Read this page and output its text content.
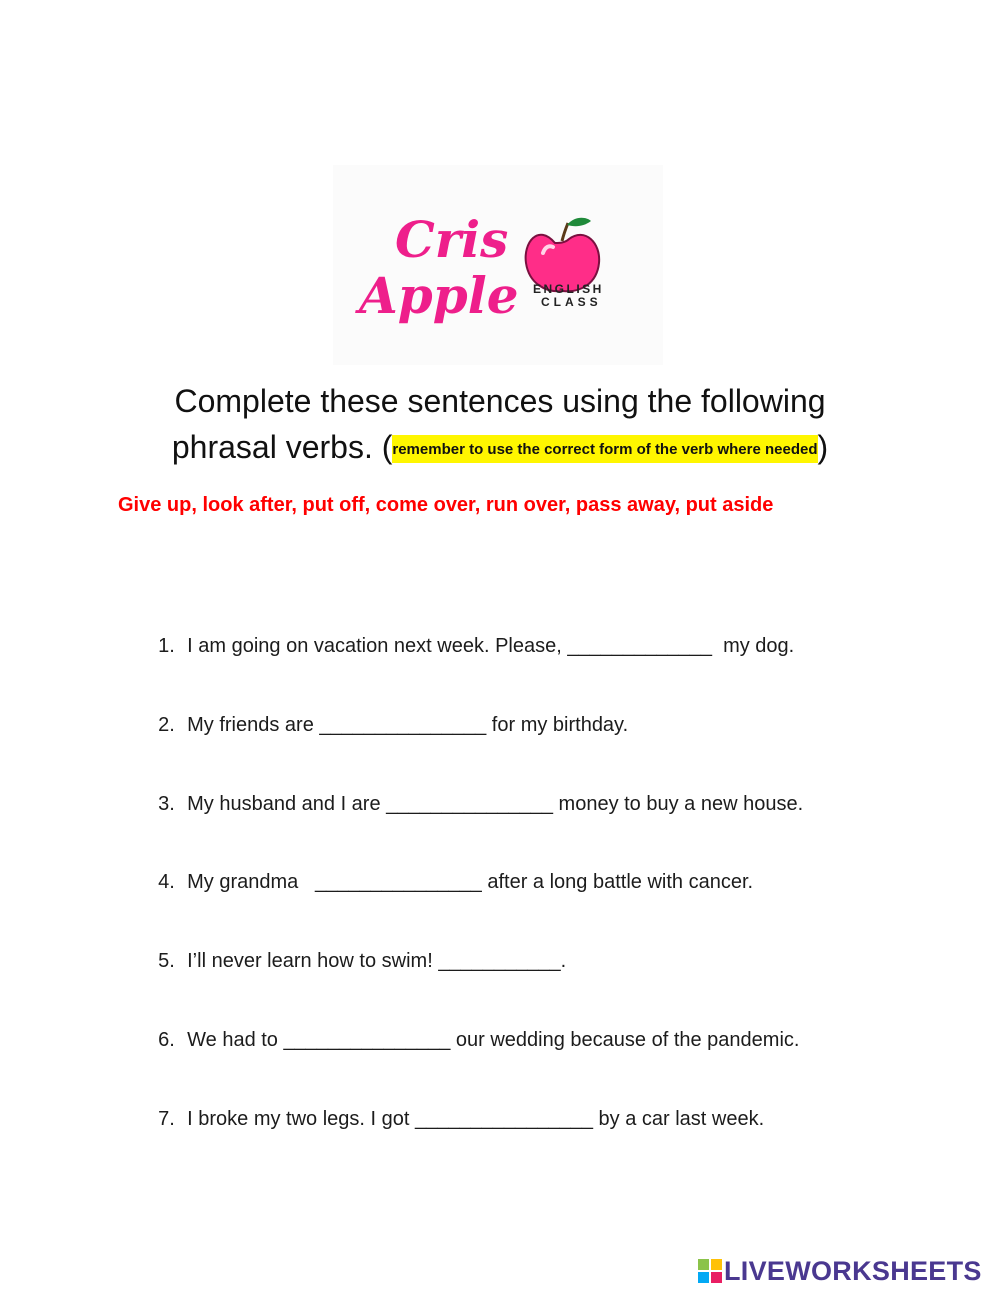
Cris
Apple ENGLISH
CLASS
Complete these sentences using the following
phrasal verbs. (remember to use the correct form of the verb where needed)
Give up, look after, put off, come over, run over, pass away, put aside

1. I am going on vacation next week. Please, _____________  my dog.

2. My friends are _______________ for my birthday.

3. My husband and I are _______________ money to buy a new house.

4. My grandma   _______________ after a long battle with cancer.

5. I’ll never learn how to swim! ___________.

6. We had to _______________ our wedding because of the pandemic.

7. I broke my two legs. I got ________________ by a car last week.

LIVEWORKSHEETS
